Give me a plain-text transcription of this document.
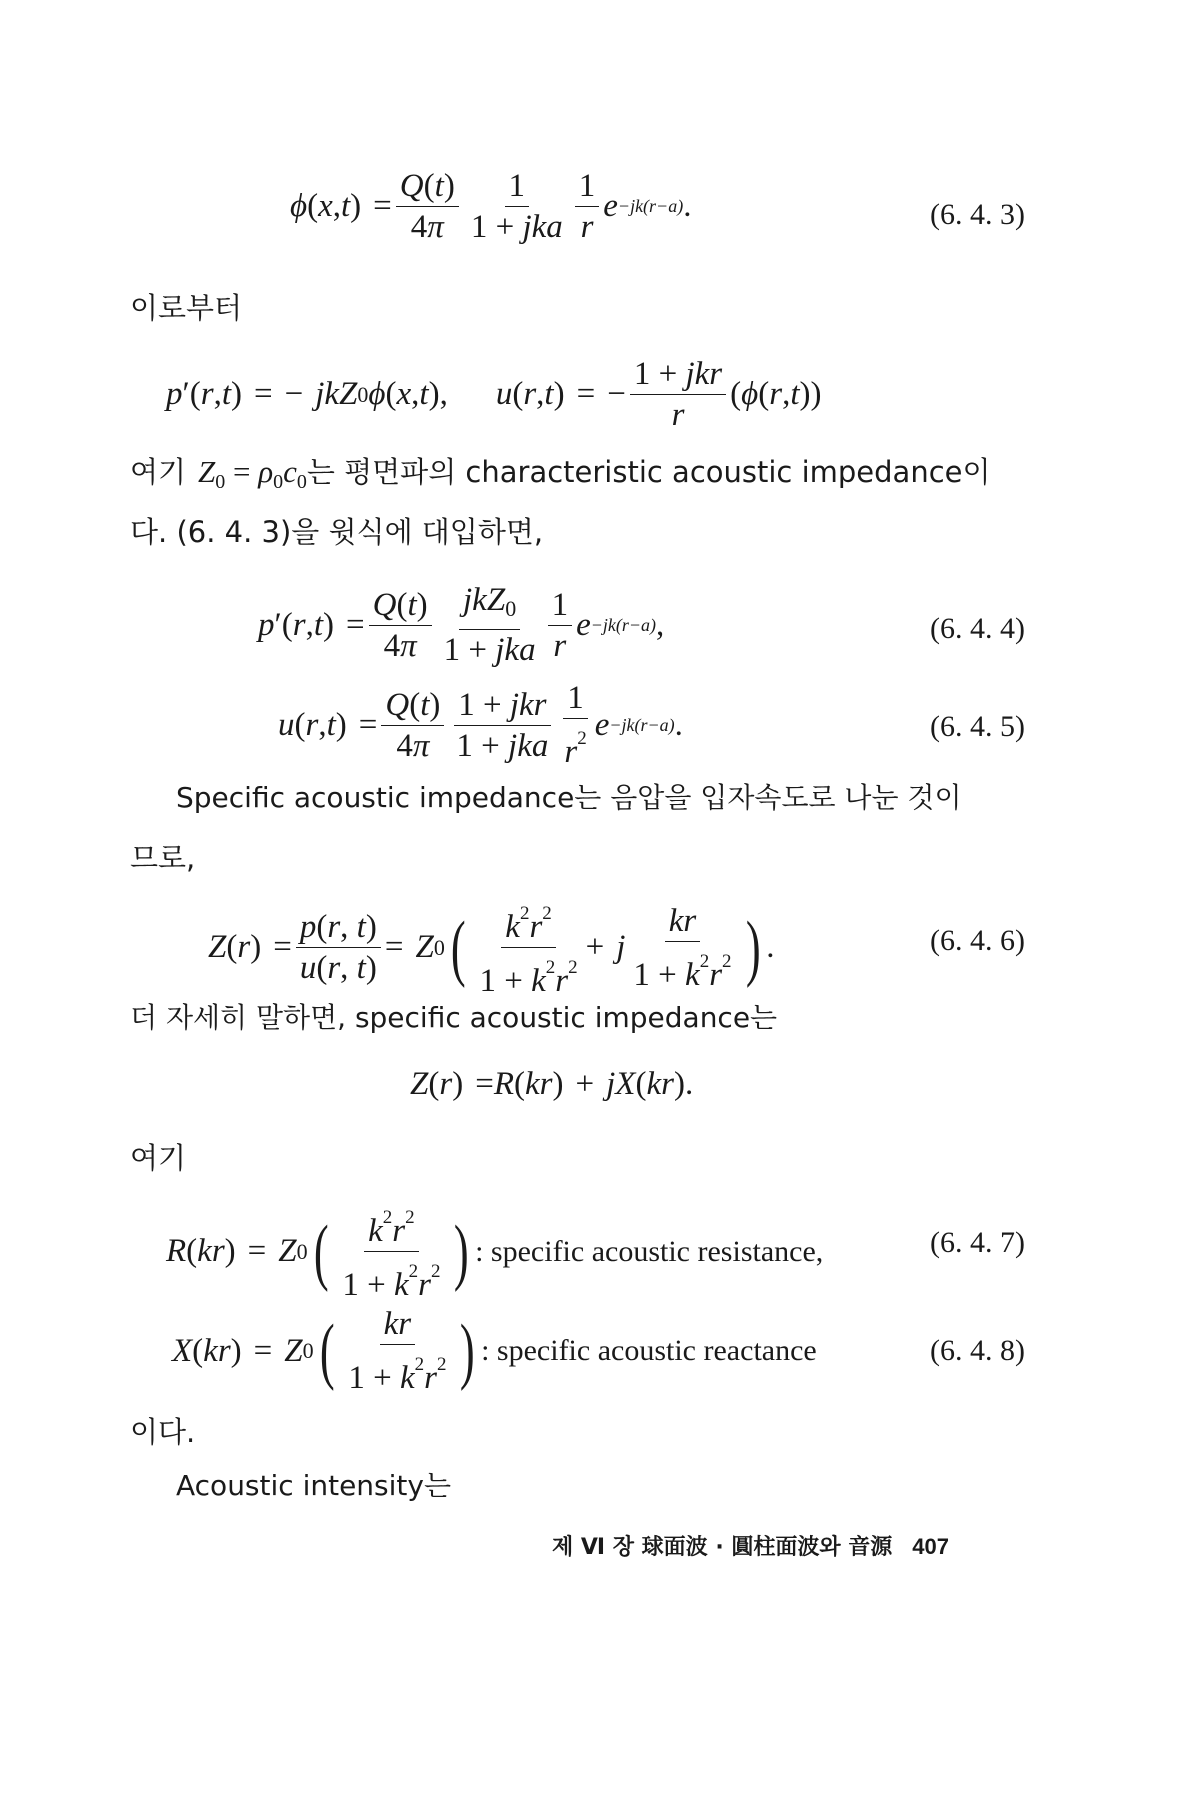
ϕ ( x , t ) = $\frac{Q(t)}{4\pi} \frac{1}{\text{1 + jka}} \frac{1}{r}$ e −jk(r−a) .	(6. 4. 3)
이로부터
p ′( r , t ) = − jkZ 0 ϕ ( x , t ), u ( r , t ) = − $\frac{\text{1 + jkr}}{r}$ ( ϕ ( r , t ))
여기 Z0 = ρ0c0는 평면파의 characteristic acoustic impedance이
다. (6. 4. 3)을 윗식에 대입하면,
p ′( r , t ) = $\frac{Q(t)}{4\pi} \frac{\text{jkZ0}}{\text{1 + jka}} \frac{1}{r}$ e −jk(r−a) ,	(6. 4. 4)
u ( r , t ) = $\frac{Q(t)}{4\pi} \frac{\text{1 + jkr}}{\text{1 + jka}} \frac{1}{r^2}$ e −jk(r−a) .	(6. 4. 5)
Specific acoustic impedance는 음압을 입자속도로 나눈 것이
므로,
Z ( r ) = $\frac{p(r, t)}{u(r, t)} = Z$ 0 ( $\frac{k^2r^2}{1 + k^2r^2} + j \frac{kr}{1 + k^2r^2}$ ) .	(6. 4. 6)
더 자세히 말하면, specific acoustic impedance는
Z ( r ) = R ( kr ) + jX ( kr ).
여기
R ( kr ) = Z 0 ( $\frac{k^2r^2}{1 + k^2r^2}$ ) : specific acoustic resistance,	(6. 4. 7)
X ( kr ) = Z 0 ( $\frac{kr}{1 + k^2r^2}$ ) : specific acoustic reactance	(6. 4. 8)
이다.
Acoustic intensity는
제 Ⅵ 장 球面波 · 圓柱面波와 音源 407
